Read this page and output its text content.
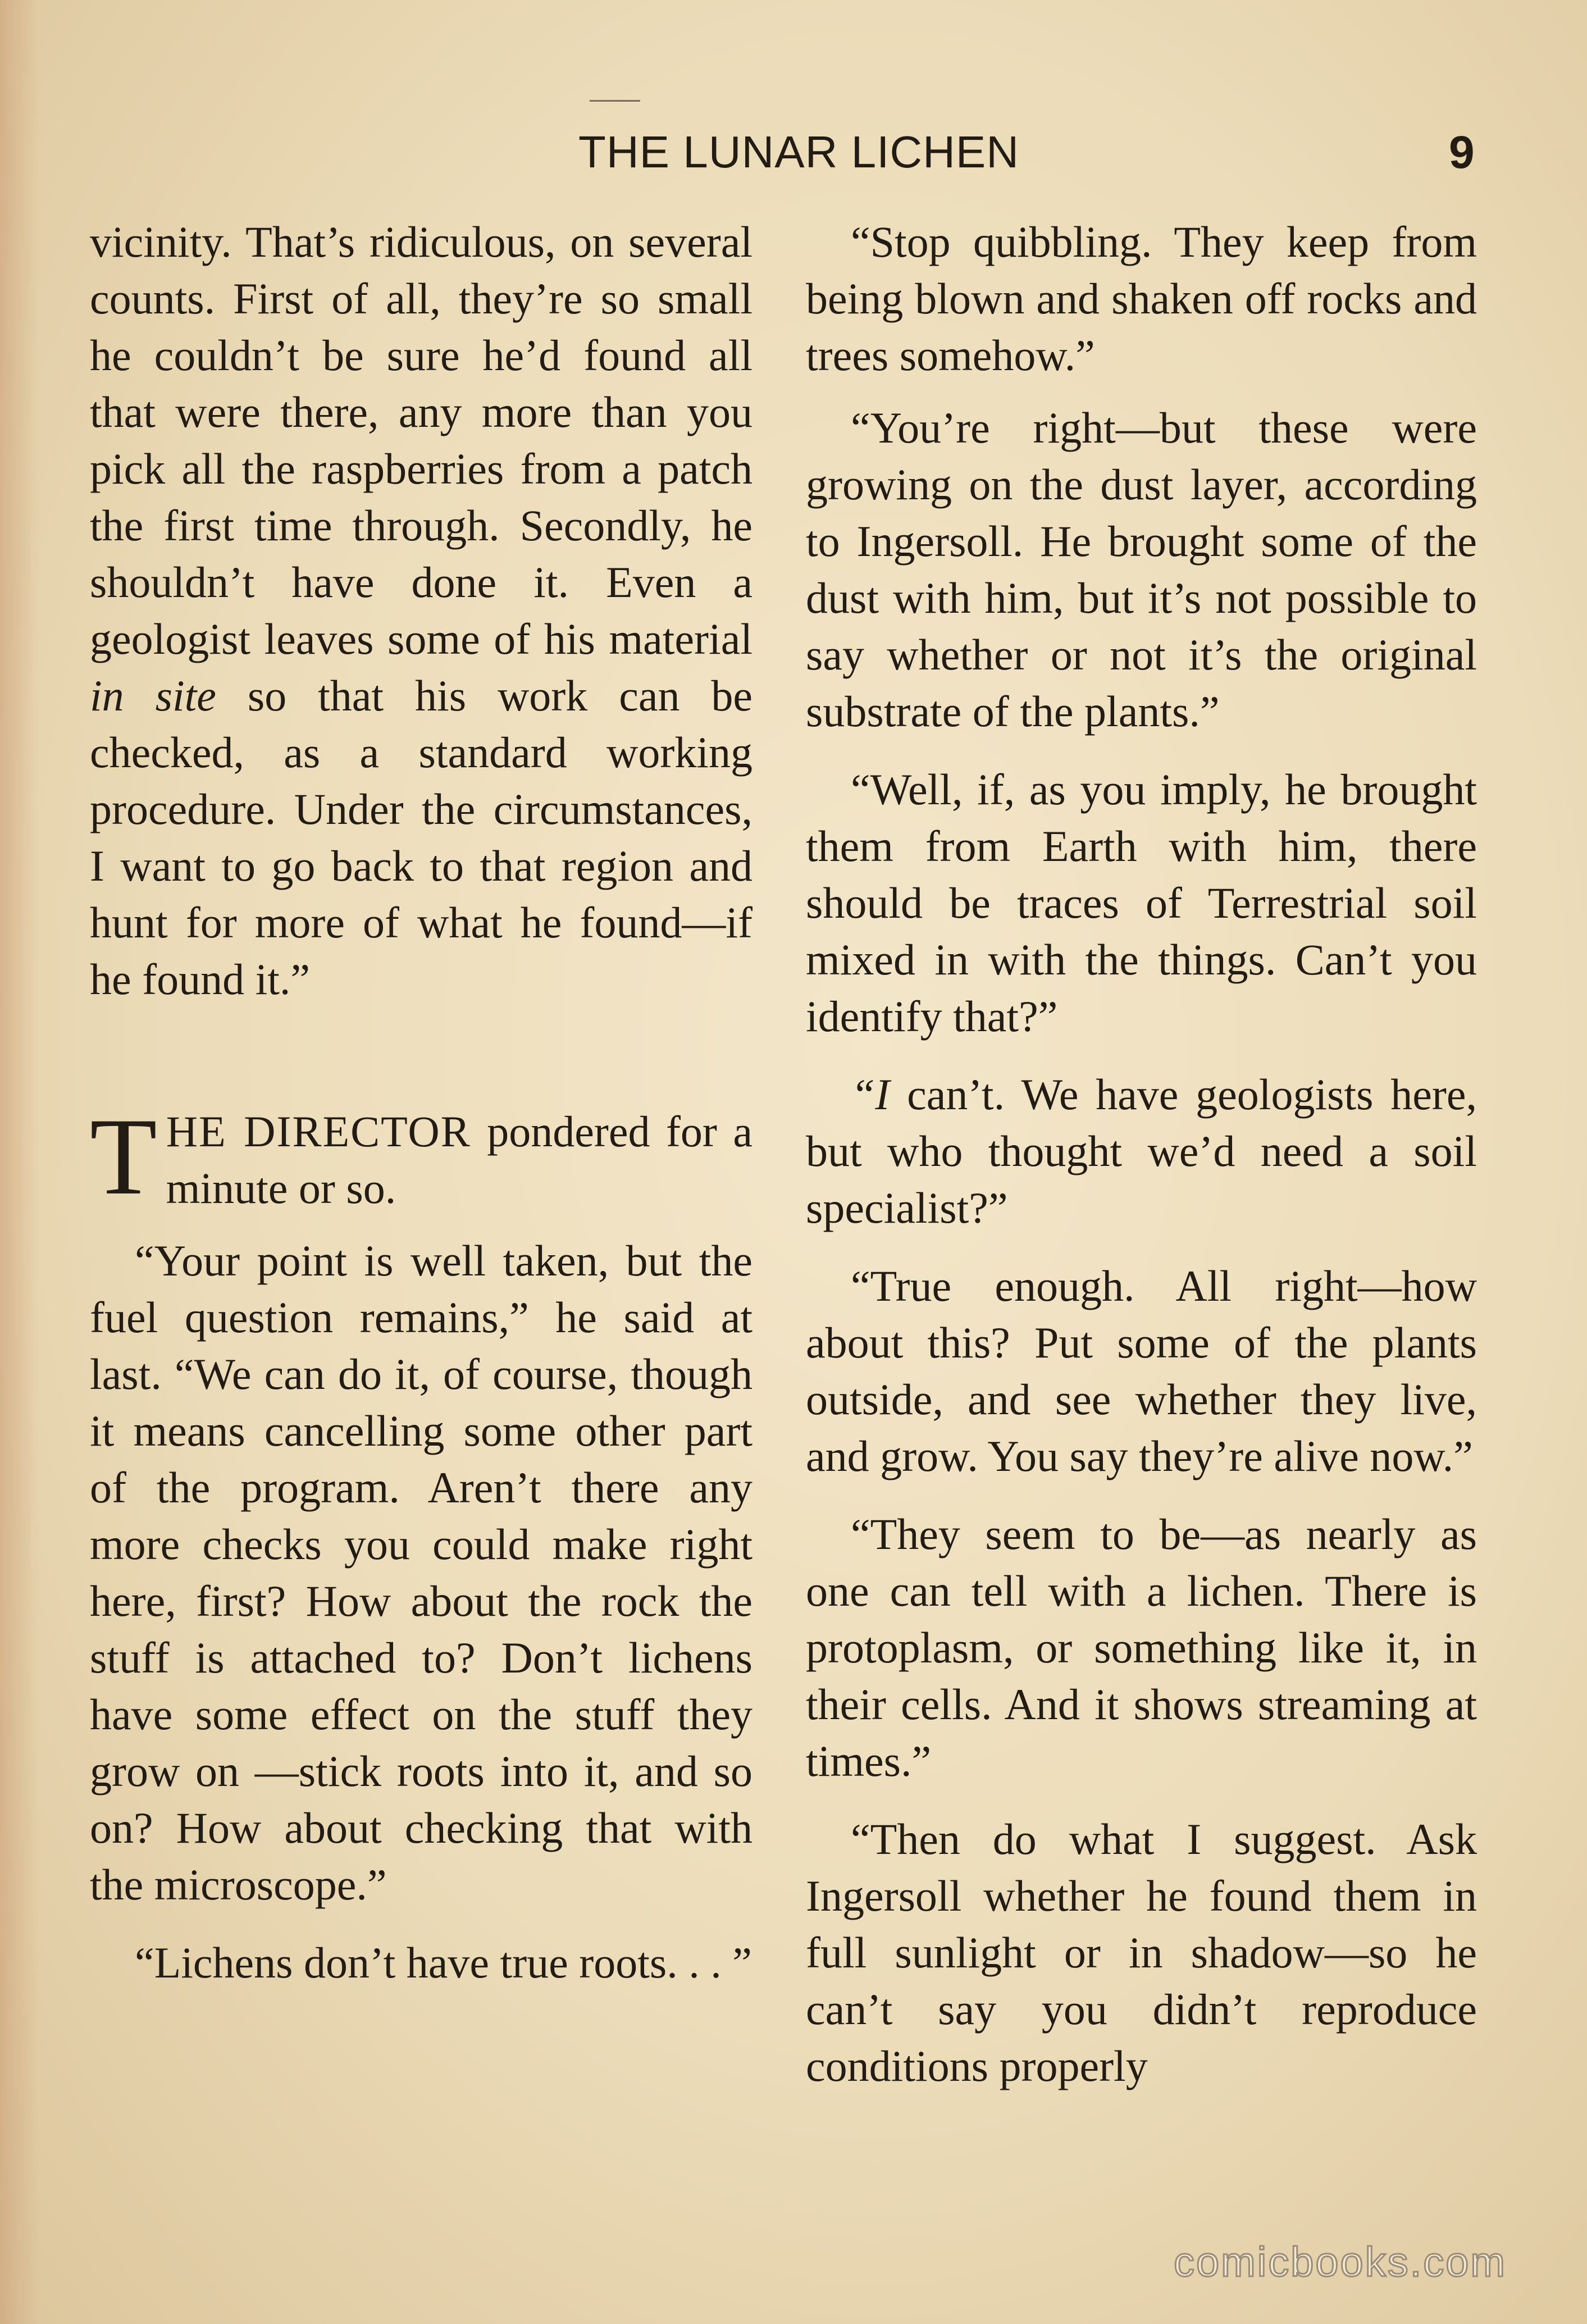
THE LUNAR LICHEN	9

vicinity. That’s ridiculous, on several counts. First of all, they’re so small he couldn’t be sure he’d found all that were there, any more than you pick all the raspberries from a patch the first time through. Secondly, he shouldn’t have done it. Even a geologist leaves some of his material in site so that his work can be checked, as a standard working procedure. Under the circumstances, I want to go back to that region and hunt for more of what he found—if he found it.”

THE DIRECTOR pondered for a minute or so.

“Your point is well taken, but the fuel question remains,” he said at last. “We can do it, of course, though it means cancelling some other part of the program. Aren’t there any more checks you could make right here, first? How about the rock the stuff is attached to? Don’t lichens have some effect on the stuff they grow on —stick roots into it, and so on? How about checking that with the microscope.”

“Lichens don’t have true roots. . . ”

“Stop quibbling. They keep from being blown and shaken off rocks and trees somehow.”

“You’re right—but these were growing on the dust layer, according to Ingersoll. He brought some of the dust with him, but it’s not possible to say whether or not it’s the original substrate of the plants.”

“Well, if, as you imply, he brought them from Earth with him, there should be traces of Terrestrial soil mixed in with the things. Can’t you identify that?”

“I can’t. We have geologists here, but who thought we’d need a soil specialist?”

“True enough. All right—how about this? Put some of the plants outside, and see whether they live, and grow. You say they’re alive now.”

“They seem to be—as nearly as one can tell with a lichen. There is protoplasm, or something like it, in their cells. And it shows streaming at times.”

“Then do what I suggest. Ask Ingersoll whether he found them in full sunlight or in shadow—so he can’t say you didn’t reproduce conditions properly

comicbooks.com
